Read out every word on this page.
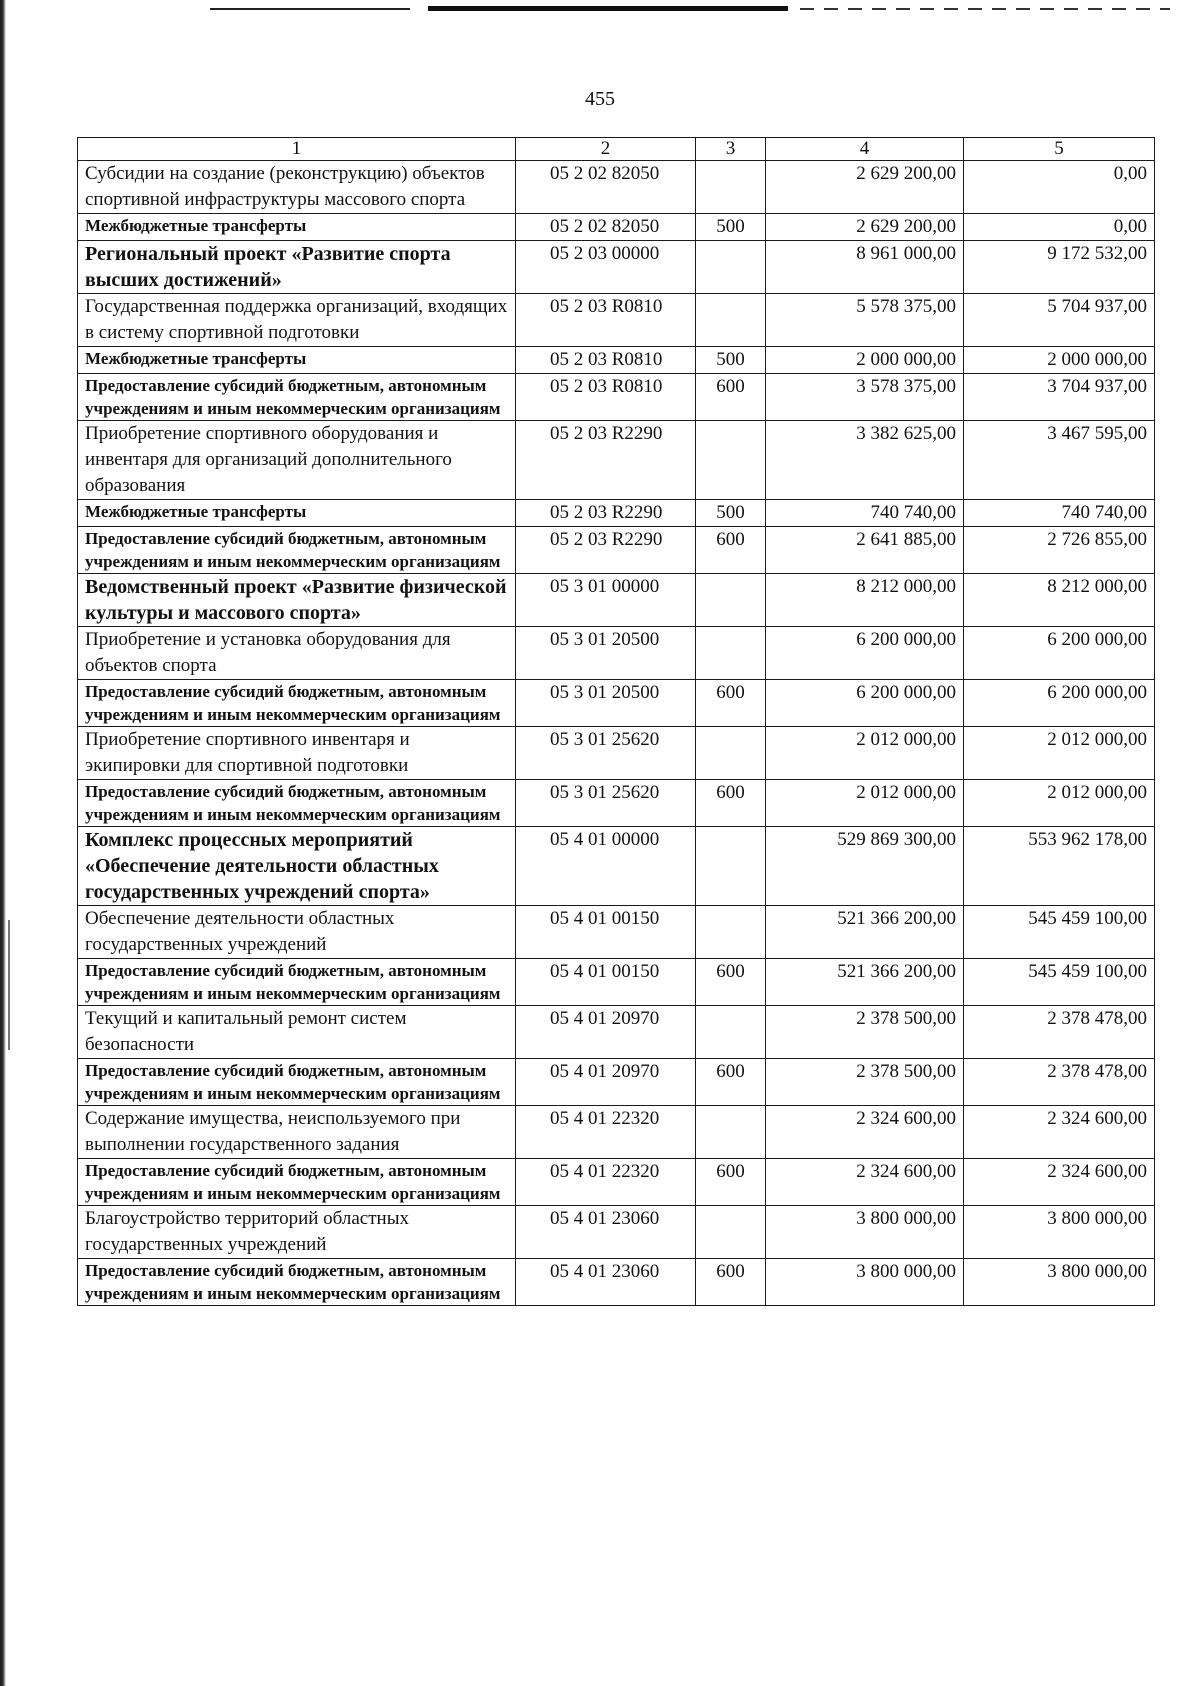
455
1	2	3	4	5
Субсидии на создание (реконструкцию) объектов спортивной инфраструктуры массового спорта	05 2 02 82050		2 629 200,00	0,00
Межбюджетные трансферты	05 2 02 82050	500	2 629 200,00	0,00
Региональный проект «Развитие спорта высших достижений»	05 2 03 00000		8 961 000,00	9 172 532,00
Государственная поддержка организаций, входящих в систему спортивной подготовки	05 2 03 R0810		5 578 375,00	5 704 937,00
Межбюджетные трансферты	05 2 03 R0810	500	2 000 000,00	2 000 000,00
Предоставление субсидий бюджетным, автономным учреждениям и иным некоммерческим организациям	05 2 03 R0810	600	3 578 375,00	3 704 937,00
Приобретение спортивного оборудования и инвентаря для организаций дополнительного образования	05 2 03 R2290		3 382 625,00	3 467 595,00
Межбюджетные трансферты	05 2 03 R2290	500	740 740,00	740 740,00
Предоставление субсидий бюджетным, автономным учреждениям и иным некоммерческим организациям	05 2 03 R2290	600	2 641 885,00	2 726 855,00
Ведомственный проект «Развитие физической культуры и массового спорта»	05 3 01 00000		8 212 000,00	8 212 000,00
Приобретение и установка оборудования для объектов спорта	05 3 01 20500		6 200 000,00	6 200 000,00
Предоставление субсидий бюджетным, автономным учреждениям и иным некоммерческим организациям	05 3 01 20500	600	6 200 000,00	6 200 000,00
Приобретение спортивного инвентаря и экипировки для спортивной подготовки	05 3 01 25620		2 012 000,00	2 012 000,00
Предоставление субсидий бюджетным, автономным учреждениям и иным некоммерческим организациям	05 3 01 25620	600	2 012 000,00	2 012 000,00
Комплекс процессных мероприятий «Обеспечение деятельности областных государственных учреждений спорта»	05 4 01 00000		529 869 300,00	553 962 178,00
Обеспечение деятельности областных государственных учреждений	05 4 01 00150		521 366 200,00	545 459 100,00
Предоставление субсидий бюджетным, автономным учреждениям и иным некоммерческим организациям	05 4 01 00150	600	521 366 200,00	545 459 100,00
Текущий и капитальный ремонт систем безопасности	05 4 01 20970		2 378 500,00	2 378 478,00
Предоставление субсидий бюджетным, автономным учреждениям и иным некоммерческим организациям	05 4 01 20970	600	2 378 500,00	2 378 478,00
Содержание имущества, неиспользуемого при выполнении государственного задания	05 4 01 22320		2 324 600,00	2 324 600,00
Предоставление субсидий бюджетным, автономным учреждениям и иным некоммерческим организациям	05 4 01 22320	600	2 324 600,00	2 324 600,00
Благоустройство территорий областных государственных учреждений	05 4 01 23060		3 800 000,00	3 800 000,00
Предоставление субсидий бюджетным, автономным учреждениям и иным некоммерческим организациям	05 4 01 23060	600	3 800 000,00	3 800 000,00
